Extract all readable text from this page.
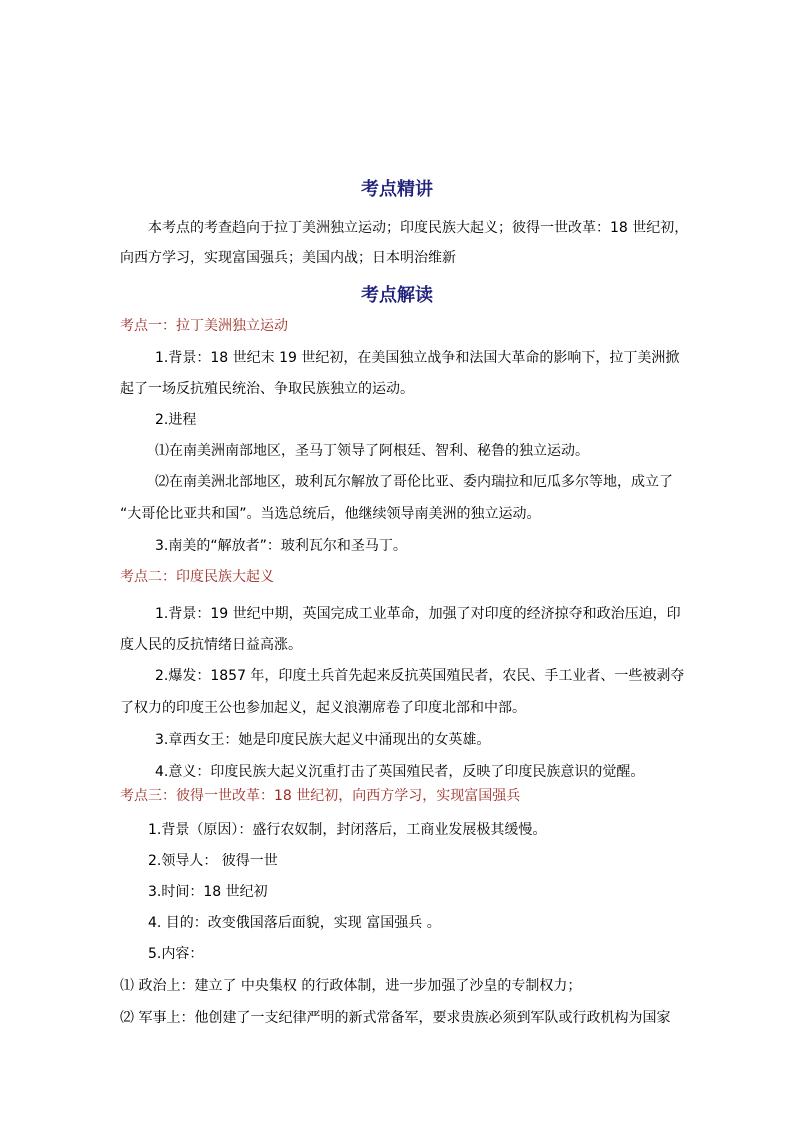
考点精讲
本考点的考查趋向于拉丁美洲独立运动；印度民族大起义；彼得一世改革：18 世纪初，
向西方学习，实现富国强兵；美国内战；日本明治维新
考点解读
考点一：拉丁美洲独立运动
1.背景：18 世纪末 19 世纪初，在美国独立战争和法国大革命的影响下，拉丁美洲掀
起了一场反抗殖民统治、争取民族独立的运动。
2.进程
⑴在南美洲南部地区，圣马丁领导了阿根廷、智利、秘鲁的独立运动。
⑵在南美洲北部地区，玻利瓦尔解放了哥伦比亚、委内瑞拉和厄瓜多尔等地，成立了
“大哥伦比亚共和国”。当选总统后，他继续领导南美洲的独立运动。
3.南美的“解放者”：玻利瓦尔和圣马丁。
考点二：印度民族大起义
1.背景：19 世纪中期，英国完成工业革命，加强了对印度的经济掠夺和政治压迫，印
度人民的反抗情绪日益高涨。
2.爆发：1857 年，印度土兵首先起来反抗英国殖民者，农民、手工业者、一些被剥夺
了权力的印度王公也参加起义，起义浪潮席卷了印度北部和中部。
3.章西女王：她是印度民族大起义中涌现出的女英雄。
4.意义：印度民族大起义沉重打击了英国殖民者，反映了印度民族意识的觉醒。
考点三：彼得一世改革：18 世纪初，向西方学习，实现富国强兵
1.背景（原因）：盛行农奴制，封闭落后，工商业发展极其缓慢。
2.领导人： 彼得一世
3.时间：18 世纪初
4. 目的：改变俄国落后面貌，实现 富国强兵 。
5.内容：
⑴ 政治上：建立了 中央集权 的行政体制，进一步加强了沙皇的专制权力；
⑵ 军事上：他创建了一支纪律严明的新式常备军，要求贵族必须到军队或行政机构为国家
